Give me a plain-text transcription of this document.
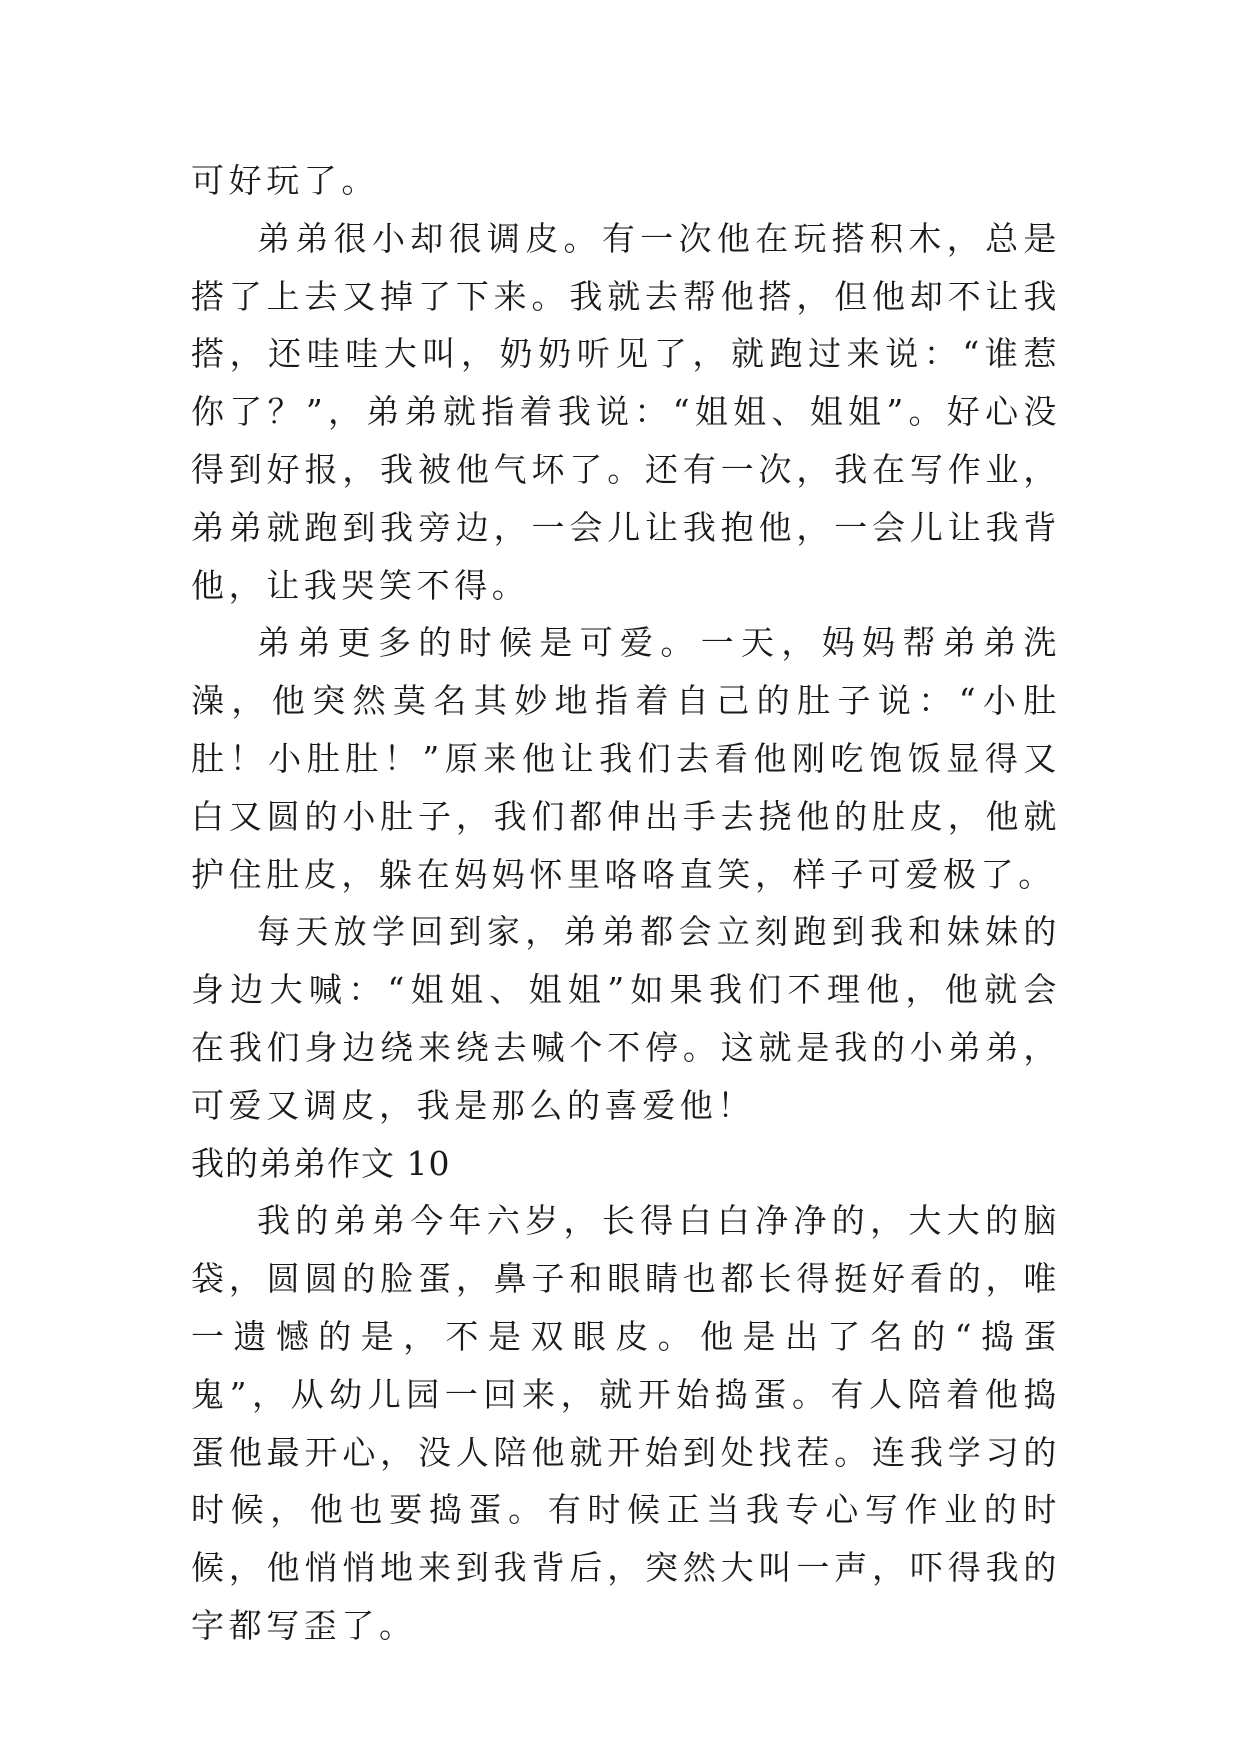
可好玩了。

弟弟很小却很调皮。有一次他在玩搭积木，总是搭了上去又掉了下来。我就去帮他搭，但他却不让我搭，还哇哇大叫，奶奶听见了，就跑过来说：“谁惹你了？”，弟弟就指着我说：“姐姐、姐姐”。好心没得到好报，我被他气坏了。还有一次，我在写作业，弟弟就跑到我旁边，一会儿让我抱他，一会儿让我背他，让我哭笑不得。

弟弟更多的时候是可爱。一天，妈妈帮弟弟洗澡，他突然莫名其妙地指着自己的肚子说：“小肚肚！小肚肚！”原来他让我们去看他刚吃饱饭显得又白又圆的小肚子，我们都伸出手去挠他的肚皮，他就护住肚皮，躲在妈妈怀里咯咯直笑，样子可爱极了。

每天放学回到家，弟弟都会立刻跑到我和妹妹的身边大喊：“姐姐、姐姐”如果我们不理他，他就会在我们身边绕来绕去喊个不停。这就是我的小弟弟，可爱又调皮，我是那么的喜爱他！

我的弟弟作文 10

我的弟弟今年六岁，长得白白净净的，大大的脑袋，圆圆的脸蛋，鼻子和眼睛也都长得挺好看的，唯一遗憾的是，不是双眼皮。他是出了名的“捣蛋鬼”，从幼儿园一回来，就开始捣蛋。有人陪着他捣蛋他最开心，没人陪他就开始到处找茬。连我学习的时候，他也要捣蛋。有时候正当我专心写作业的时候，他悄悄地来到我背后，突然大叫一声，吓得我的字都写歪了。
